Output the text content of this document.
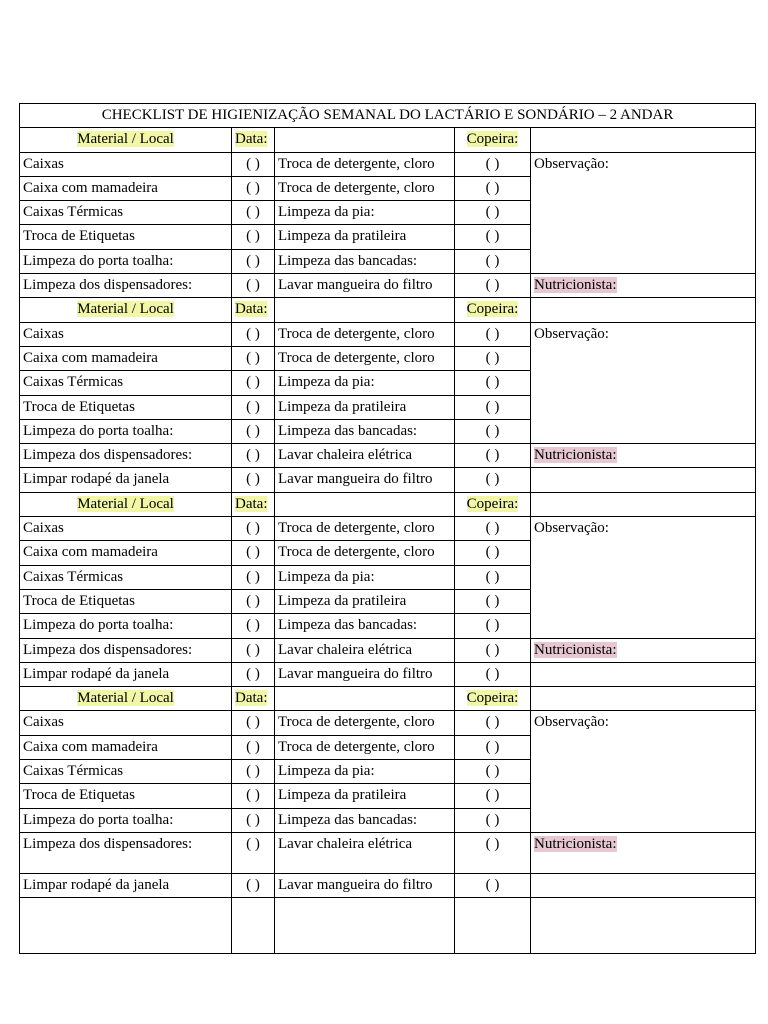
CHECKLIST DE HIGIENIZAÇÃO SEMANAL DO LACTÁRIO E SONDÁRIO – 2 ANDAR				
Material / Local	Data:		Copeira:	
Caixas	( )	Troca de detergente, cloro	( )	Observação:
Caixa com mamadeira	( )	Troca de detergente, cloro	( )	
Caixas Térmicas	( )	Limpeza da pia:	( )	
Troca de Etiquetas	( )	Limpeza da pratileira	( )	
Limpeza do porta toalha:	( )	Limpeza das bancadas:	( )	
Limpeza dos dispensadores:	( )	Lavar mangueira do filtro	( )	Nutricionista:
Material / Local	Data:		Copeira:	
Caixas	( )	Troca de detergente, cloro	( )	Observação:
Caixa com mamadeira	( )	Troca de detergente, cloro	( )	
Caixas Térmicas	( )	Limpeza da pia:	( )	
Troca de Etiquetas	( )	Limpeza da pratileira	( )	
Limpeza do porta toalha:	( )	Limpeza das bancadas:	( )	
Limpeza dos dispensadores:	( )	Lavar chaleira elétrica	( )	Nutricionista:
Limpar rodapé da janela	( )	Lavar mangueira do filtro	( )	
Material / Local	Data:		Copeira:	
Caixas	( )	Troca de detergente, cloro	( )	Observação:
Caixa com mamadeira	( )	Troca de detergente, cloro	( )	
Caixas Térmicas	( )	Limpeza da pia:	( )	
Troca de Etiquetas	( )	Limpeza da pratileira	( )	
Limpeza do porta toalha:	( )	Limpeza das bancadas:	( )	
Limpeza dos dispensadores:	( )	Lavar chaleira elétrica	( )	Nutricionista:
Limpar rodapé da janela	( )	Lavar mangueira do filtro	( )	
Material / Local	Data:		Copeira:	
Caixas	( )	Troca de detergente, cloro	( )	Observação:
Caixa com mamadeira	( )	Troca de detergente, cloro	( )	
Caixas Térmicas	( )	Limpeza da pia:	( )	
Troca de Etiquetas	( )	Limpeza da pratileira	( )	
Limpeza do porta toalha:	( )	Limpeza das bancadas:	( )	
Limpeza dos dispensadores:	( )	Lavar chaleira elétrica	( )	Nutricionista:
Limpar rodapé da janela	( )	Lavar mangueira do filtro	( )	
